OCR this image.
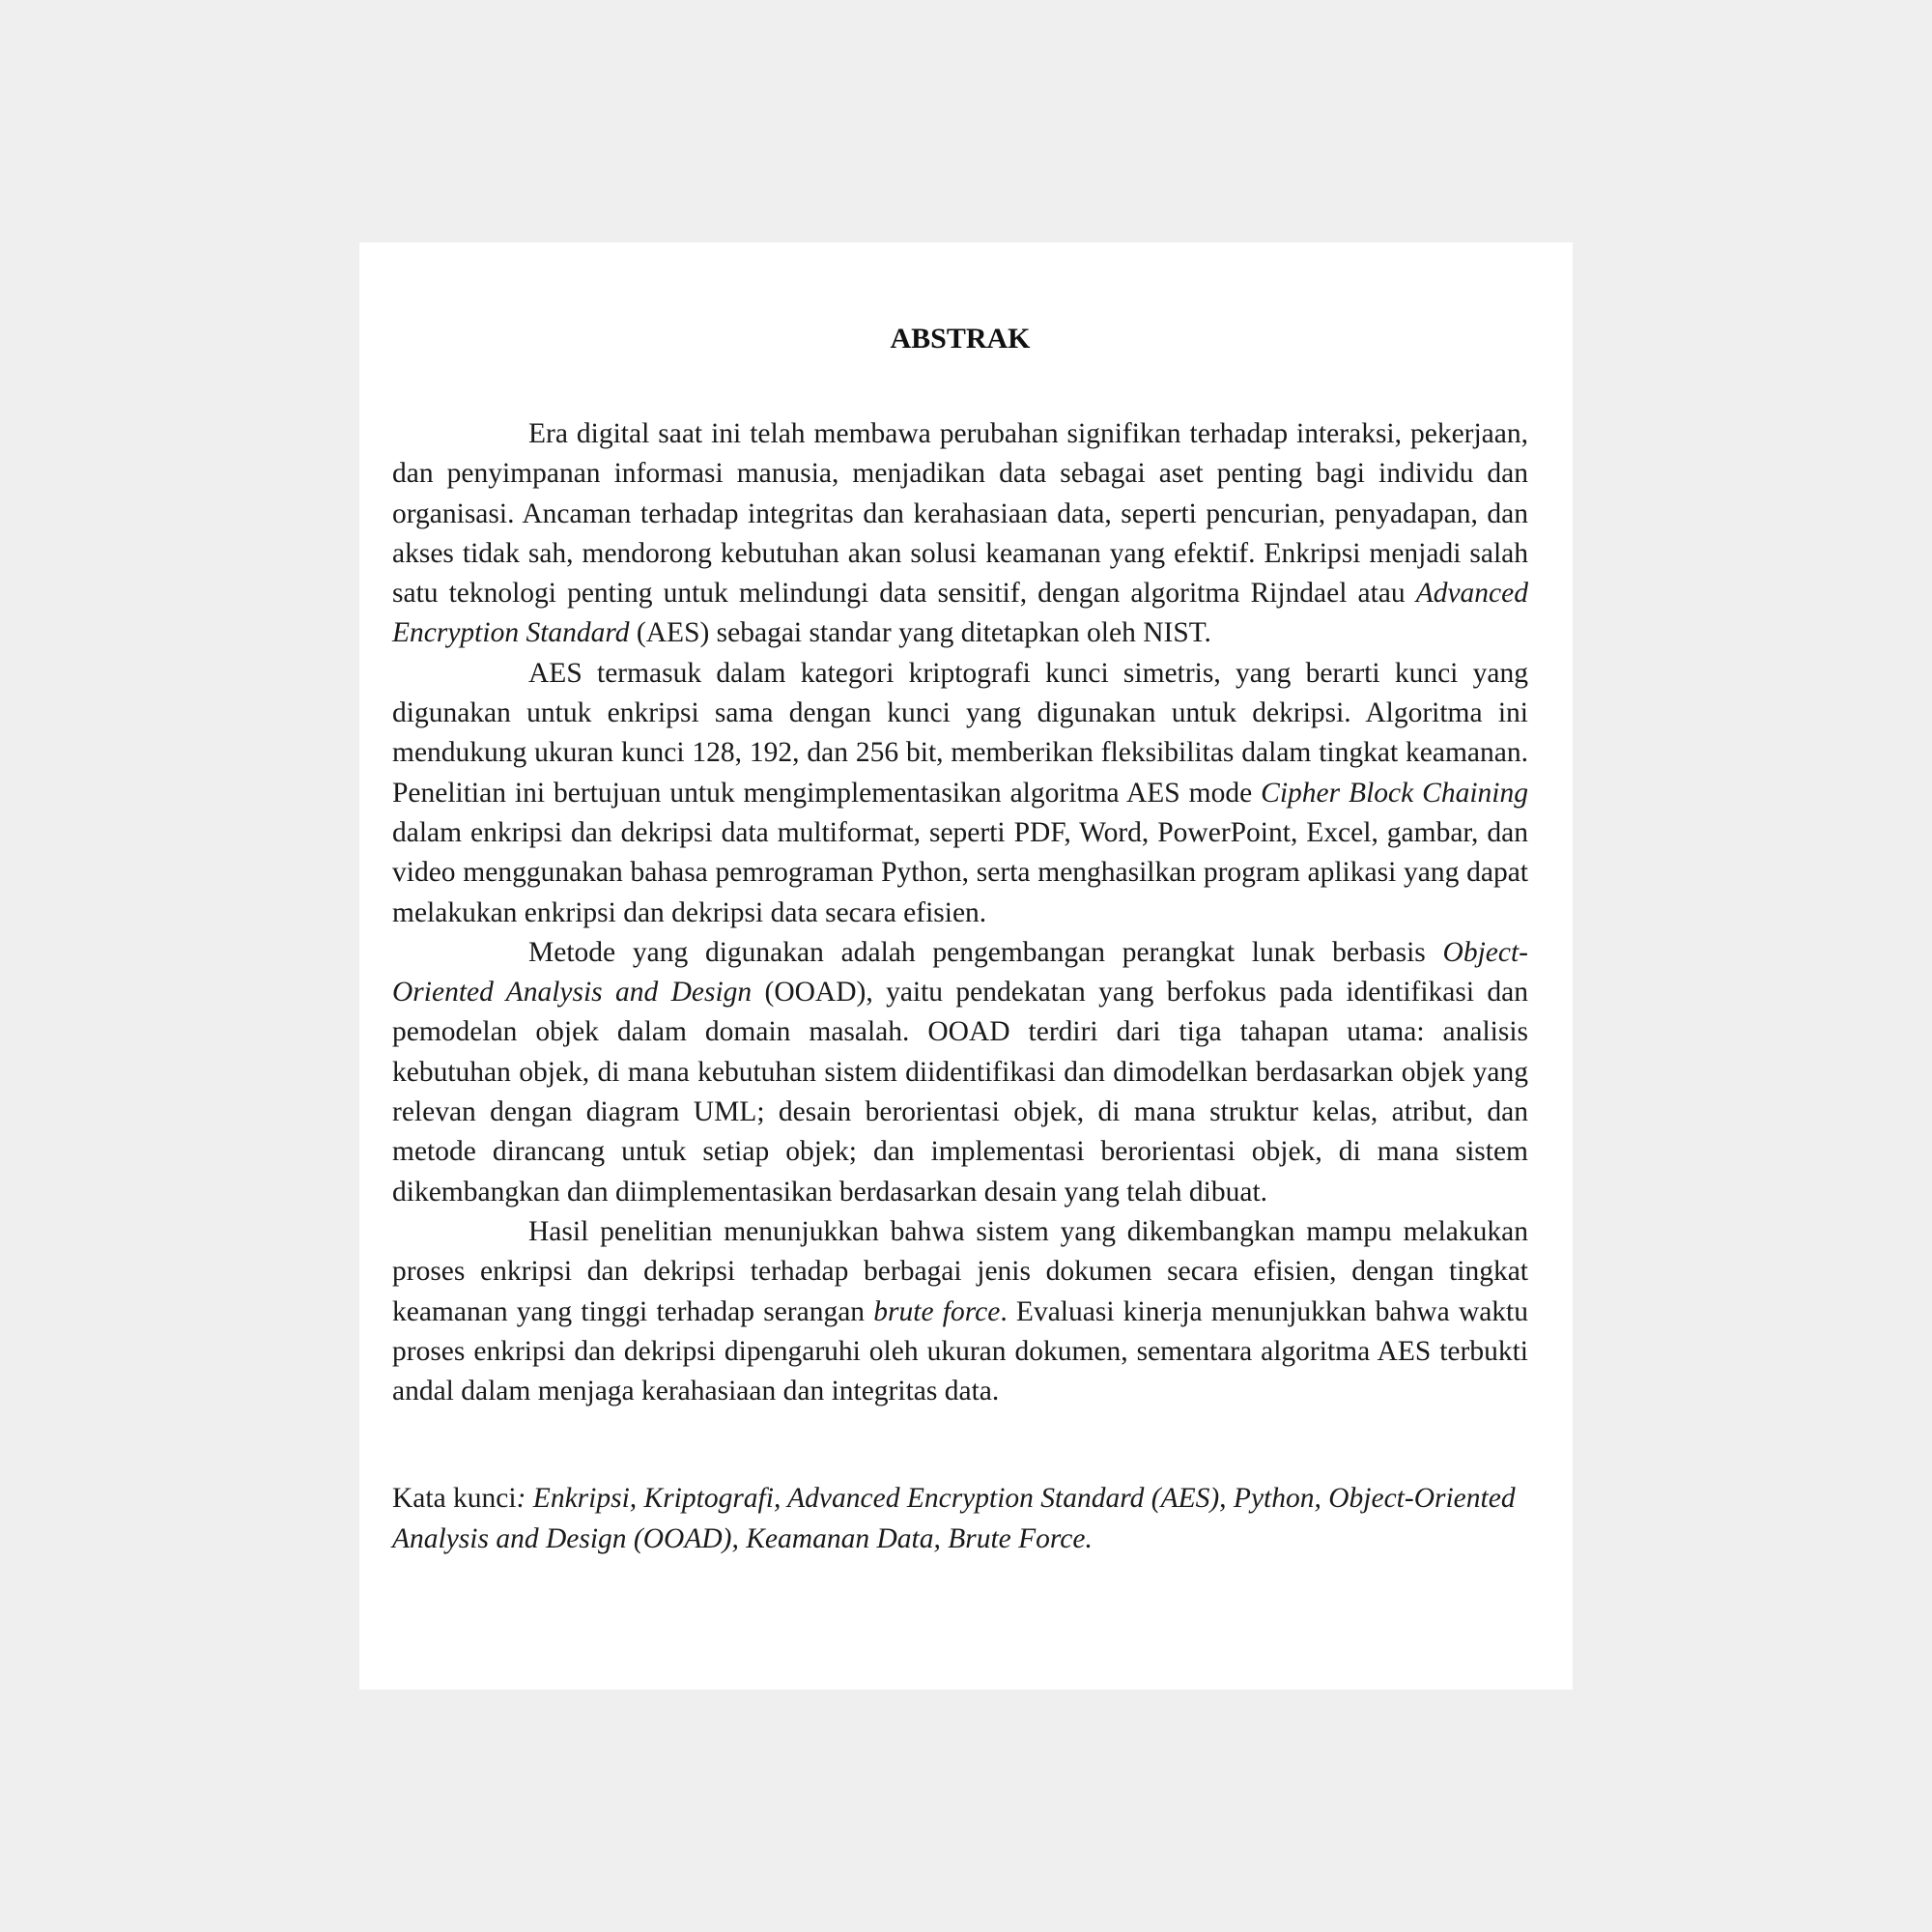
ABSTRAK

Era digital saat ini telah membawa perubahan signifikan terhadap interaksi, pekerjaan, dan penyimpanan informasi manusia, menjadikan data sebagai aset penting bagi individu dan organisasi. Ancaman terhadap integritas dan kerahasiaan data, seperti pencurian, penyadapan, dan akses tidak sah, mendorong kebutuhan akan solusi keamanan yang efektif. Enkripsi menjadi salah satu teknologi penting untuk melindungi data sensitif, dengan algoritma Rijndael atau Advanced Encryption Standard (AES) sebagai standar yang ditetapkan oleh NIST.

AES termasuk dalam kategori kriptografi kunci simetris, yang berarti kunci yang digunakan untuk enkripsi sama dengan kunci yang digunakan untuk dekripsi. Algoritma ini mendukung ukuran kunci 128, 192, dan 256 bit, memberikan fleksibilitas dalam tingkat keamanan. Penelitian ini bertujuan untuk mengimplementasikan algoritma AES mode Cipher Block Chaining dalam enkripsi dan dekripsi data multiformat, seperti PDF, Word, PowerPoint, Excel, gambar, dan video menggunakan bahasa pemrograman Python, serta menghasilkan program aplikasi yang dapat melakukan enkripsi dan dekripsi data secara efisien.

Metode yang digunakan adalah pengembangan perangkat lunak berbasis Object-Oriented Analysis and Design (OOAD), yaitu pendekatan yang berfokus pada identifikasi dan pemodelan objek dalam domain masalah. OOAD terdiri dari tiga tahapan utama: analisis kebutuhan objek, di mana kebutuhan sistem diidentifikasi dan dimodelkan berdasarkan objek yang relevan dengan diagram UML; desain berorientasi objek, di mana struktur kelas, atribut, dan metode dirancang untuk setiap objek; dan implementasi berorientasi objek, di mana sistem dikembangkan dan diimplementasikan berdasarkan desain yang telah dibuat.

Hasil penelitian menunjukkan bahwa sistem yang dikembangkan mampu melakukan proses enkripsi dan dekripsi terhadap berbagai jenis dokumen secara efisien, dengan tingkat keamanan yang tinggi terhadap serangan brute force. Evaluasi kinerja menunjukkan bahwa waktu proses enkripsi dan dekripsi dipengaruhi oleh ukuran dokumen, sementara algoritma AES terbukti andal dalam menjaga kerahasiaan dan integritas data.

Kata kunci: Enkripsi, Kriptografi, Advanced Encryption Standard (AES), Python, Object-Oriented Analysis and Design (OOAD), Keamanan Data, Brute Force.
